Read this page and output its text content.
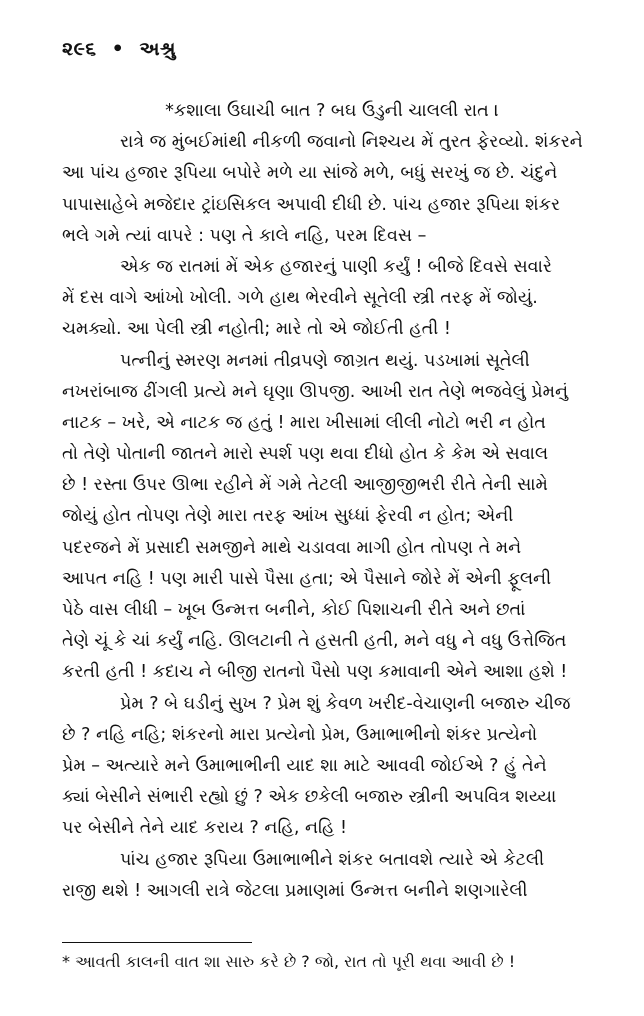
૨૯૬ • અશ્રુ
*કશાલા ઉઘાચી બાત ? બઘ ઉડુની ચાલલી રાત ।
રાત્રે જ મુંબઈમાંથી નીકળી જવાનો નિશ્ચય મેં તુરત ફેરવ્યો. શંકરને
આ પાંચ હજાર રૂપિયા બપોરે મળે યા સાંજે મળે, બધું સરખું જ છે. ચંદુને
પાપાસાહેબે મજેદાર ટ્રાંઇસિકલ અપાવી દીધી છે. પાંચ હજાર રૂપિયા શંકર
ભલે ગમે ત્યાં વાપરે : પણ તે કાલે નહિ, પરમ દિવસ –
એક જ રાતમાં મેં એક હજારનું પાણી કર્યું ! બીજે દિવસે સવારે
મેં દસ વાગે આંખો ખોલી. ગળે હાથ ભેરવીને સૂતેલી સ્ત્રી તરફ મેં જોયું.
ચમક્યો. આ પેલી સ્ત્રી નહોતી; મારે તો એ જોઈતી હતી !
પત્નીનું સ્મરણ મનમાં તીવ્રપણે જાગ્રત થયું. પડખામાં સૂતેલી
નખરાંબાજ ઢીંગલી પ્રત્યે મને ઘૃણા ઊપજી. આખી રાત તેણે ભજવેલું પ્રેમનું
નાટક – ખરે, એ નાટક જ હતું ! મારા ખીસામાં લીલી નોટો ભરી ન હોત
તો તેણે પોતાની જાતને મારો સ્પર્શ પણ થવા દીધો હોત કે કેમ એ સવાલ
છે ! રસ્તા ઉપર ઊભા રહીને મેં ગમે તેટલી આજીજીભરી રીતે તેની સામે
જોયું હોત તોપણ તેણે મારા તરફ આંખ સુધ્ધાં ફેરવી ન હોત; એની
પદરજને મેં પ્રસાદી સમજીને માથે ચડાવવા માગી હોત તોપણ તે મને
આપત નહિ ! પણ મારી પાસે પૈસા હતા; એ પૈસાને જોરે મેં એની ફૂલની
પેઠે વાસ લીધી – ખૂબ ઉન્મત્ત બનીને, કોઈ પિશાચની રીતે અને છતાં
તેણે ચૂં કે ચાં કર્યું નહિ. ઊલટાની તે હસતી હતી, મને વધુ ને વધુ ઉત્તેજિત
કરતી હતી ! કદાચ ને બીજી રાતનો પૈસો પણ કમાવાની એને આશા હશે !
પ્રેમ ? બે ઘડીનું સુખ ? પ્રેમ શું કેવળ ખરીદ-વેચાણની બજારુ ચીજ
છે ? નહિ નહિ; શંકરનો મારા પ્રત્યેનો પ્રેમ, ઉમાભાભીનો શંકર પ્રત્યેનો
પ્રેમ – અત્યારે મને ઉમાભાભીની યાદ શા માટે આવવી જોઈએ ? હું તેને
ક્યાં બેસીને સંભારી રહ્યો છું ? એક છકેલી બજારુ સ્ત્રીની અપવિત્ર શય્યા
પર બેસીને તેને યાદ કરાય ? નહિ, નહિ !
પાંચ હજાર રૂપિયા ઉમાભાભીને શંકર બતાવશે ત્યારે એ કેટલી
રાજી થશે ! આગલી રાત્રે જેટલા પ્રમાણમાં ઉન્મત્ત બનીને શણગારેલી
* આવતી કાલની વાત શા સારુ કરે છે ? જો, રાત તો પૂરી થવા આવી છે !
